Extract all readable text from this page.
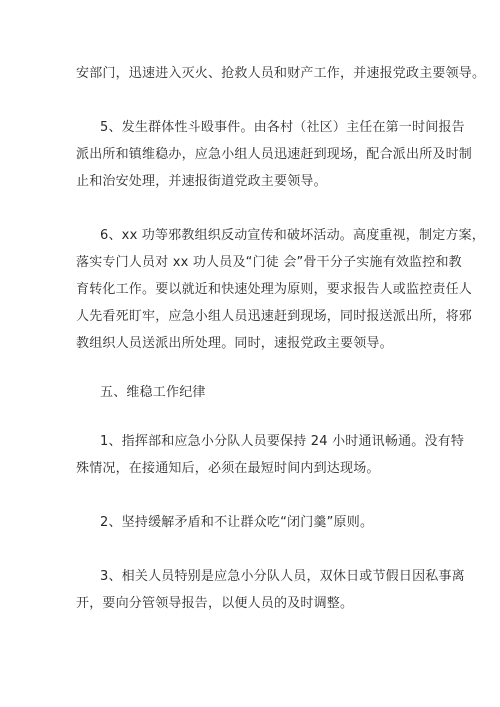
安部门，迅速进入灭火、抢救人员和财产工作，并速报党政主要领导。
5、发生群体性斗殴事件。由各村（社区）主任在第一时间报告
派出所和镇维稳办，应急小组人员迅速赶到现场，配合派出所及时制
止和治安处理，并速报街道党政主要领导。
6、xx 功等邪教组织反动宣传和破坏活动。高度重视，制定方案，
落实专门人员对 xx 功人员及“门徒 会”骨干分子实施有效监控和教
育转化工作。要以就近和快速处理为原则，要求报告人或监控责任人
人先看死盯牢，应急小组人员迅速赶到现场，同时报送派出所，将邪
教组织人员送派出所处理。同时，速报党政主要领导。
五、维稳工作纪律
1、指挥部和应急小分队人员要保持 24 小时通讯畅通。没有特
殊情况，在接通知后，必须在最短时间内到达现场。
2、坚持缓解矛盾和不让群众吃“闭门羹”原则。
3、相关人员特别是应急小分队人员，双休日或节假日因私事离
开，要向分管领导报告，以便人员的及时调整。
